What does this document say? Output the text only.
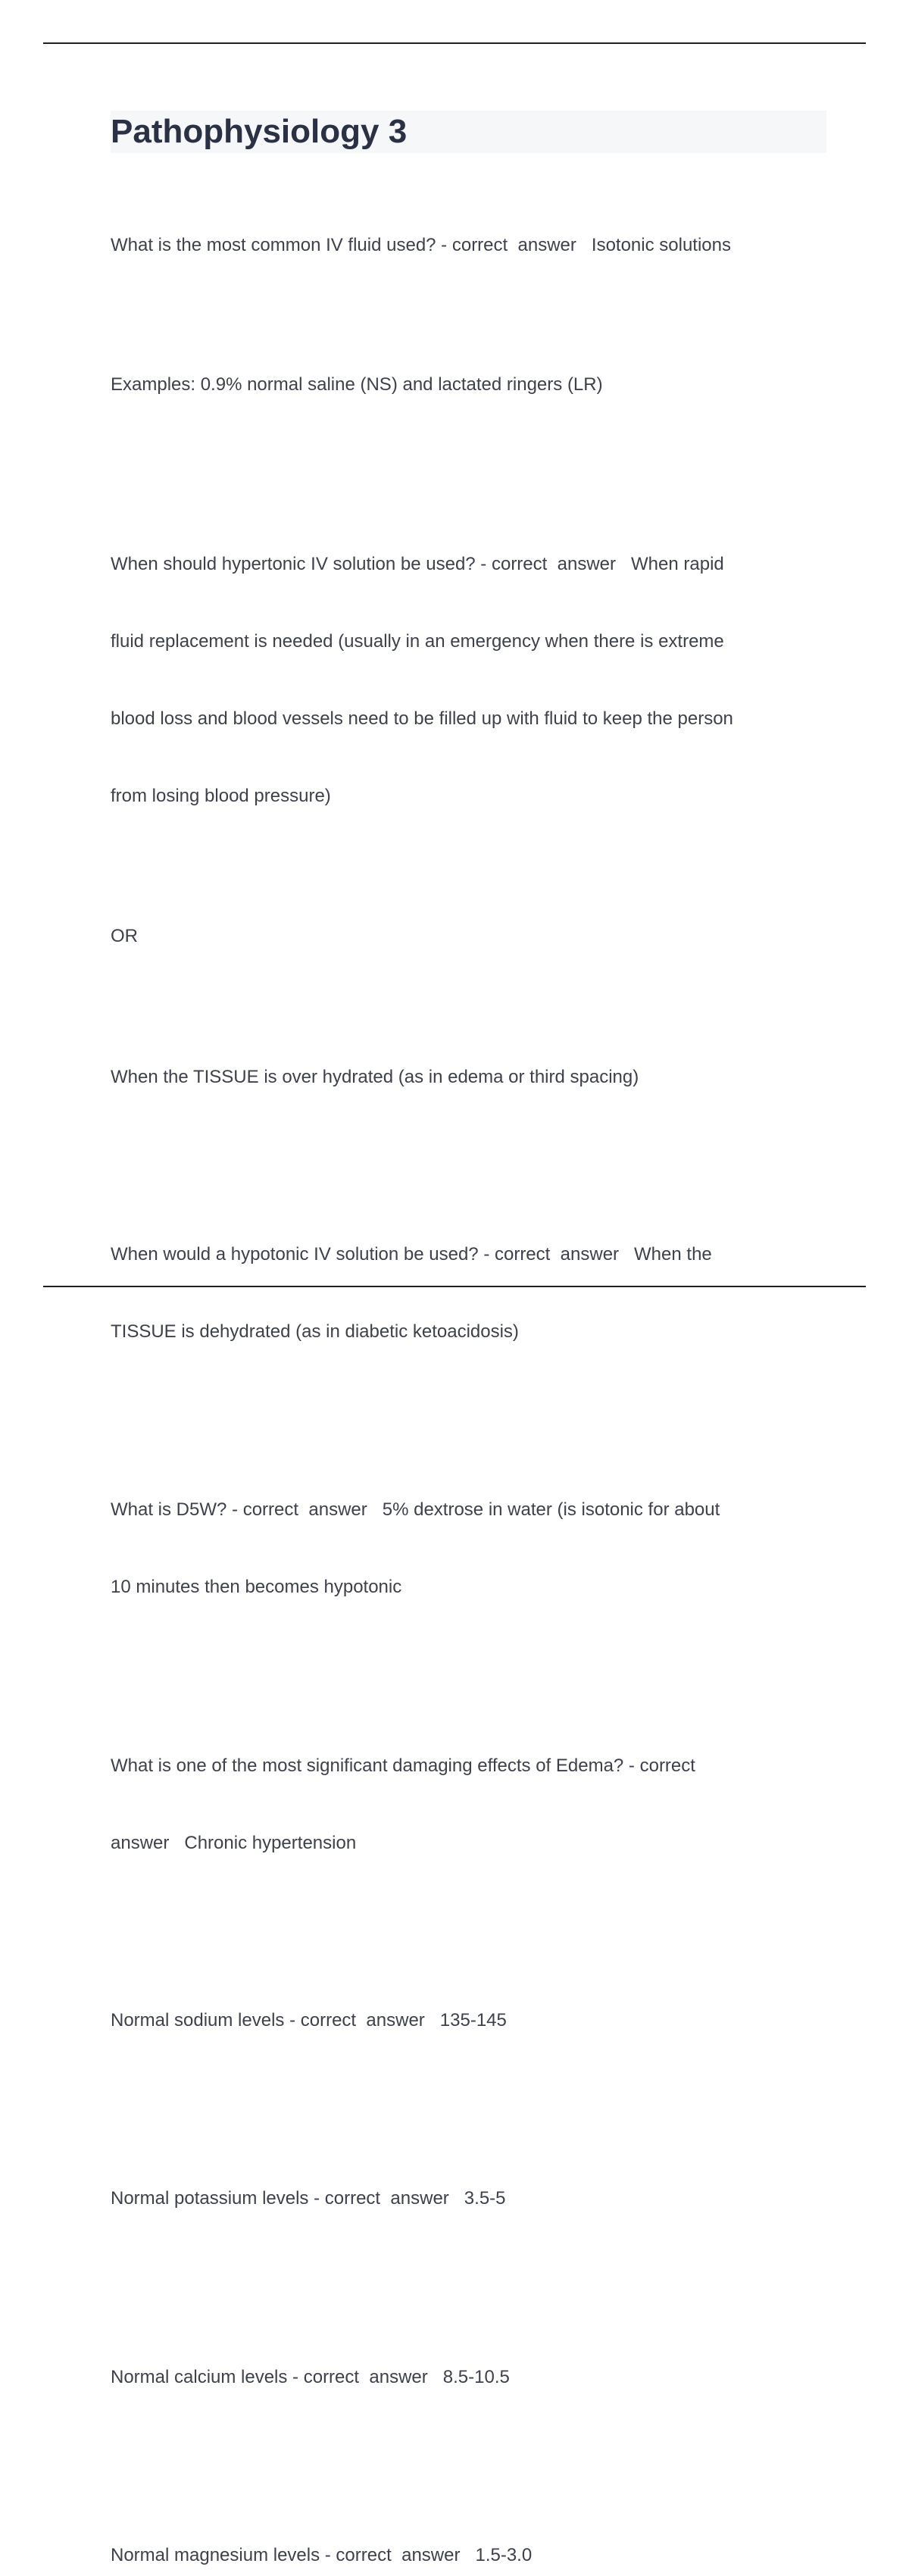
Pathophysiology 3

What is the most common IV fluid used? - correct  answer   Isotonic solutions

Examples: 0.9% normal saline (NS) and lactated ringers (LR)

When should hypertonic IV solution be used? - correct  answer   When rapid

fluid replacement is needed (usually in an emergency when there is extreme

blood loss and blood vessels need to be filled up with fluid to keep the person

from losing blood pressure)

OR

When the TISSUE is over hydrated (as in edema or third spacing)

When would a hypotonic IV solution be used? - correct  answer   When the

TISSUE is dehydrated (as in diabetic ketoacidosis)

What is D5W? - correct  answer   5% dextrose in water (is isotonic for about

10 minutes then becomes hypotonic

What is one of the most significant damaging effects of Edema? - correct

answer   Chronic hypertension

Normal sodium levels - correct  answer   135-145

Normal potassium levels - correct  answer   3.5-5

Normal calcium levels - correct  answer   8.5-10.5

Normal magnesium levels - correct  answer   1.5-3.0
